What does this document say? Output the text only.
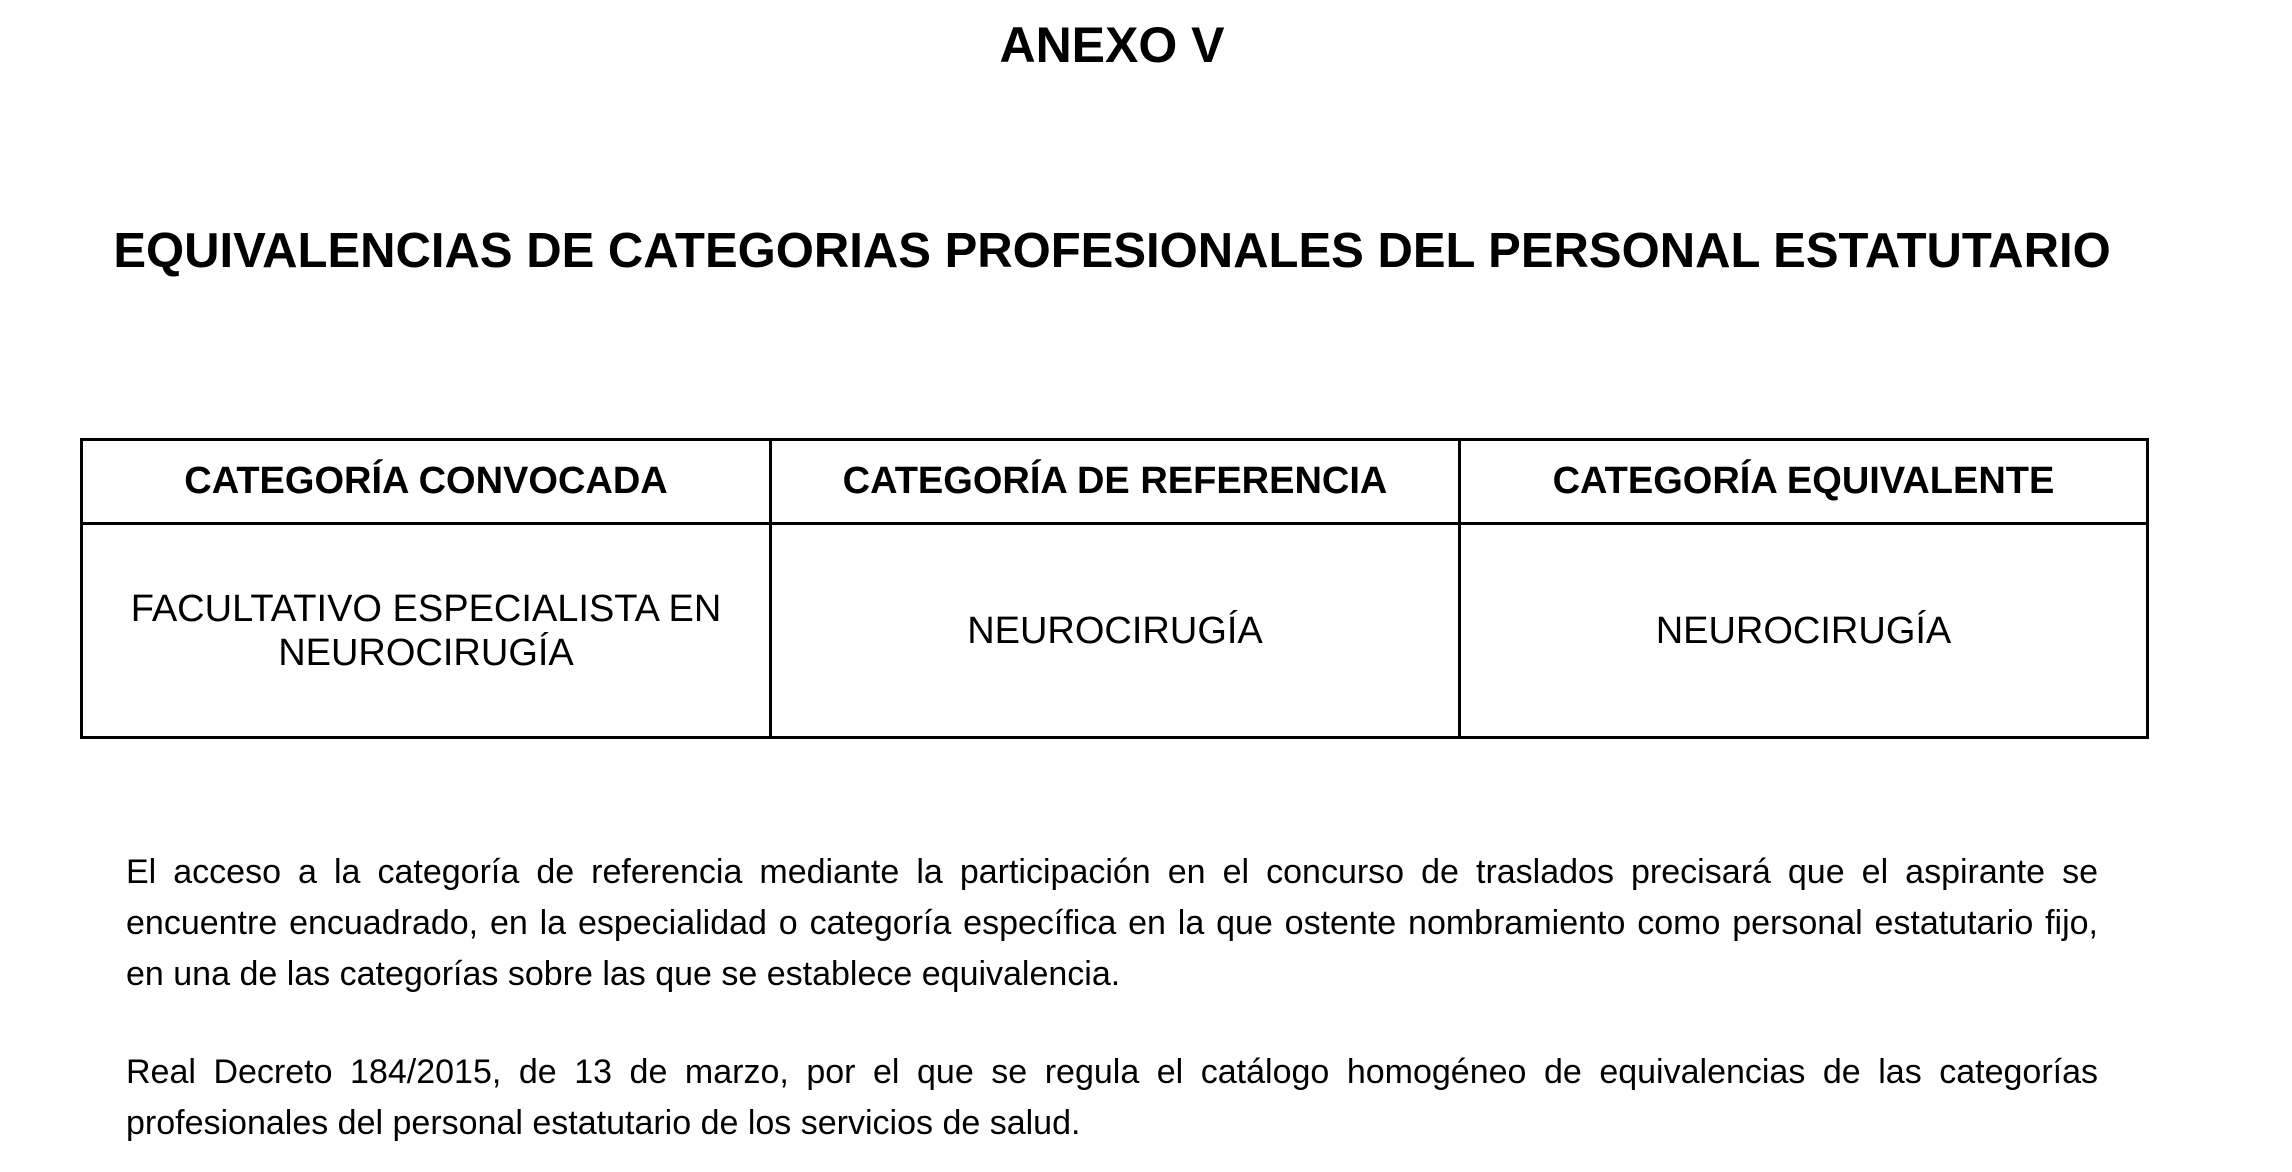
ANEXO V
EQUIVALENCIAS DE CATEGORIAS PROFESIONALES DEL PERSONAL ESTATUTARIO
CATEGORÍA CONVOCADA	CATEGORÍA DE REFERENCIA	CATEGORÍA EQUIVALENTE
FACULTATIVO ESPECIALISTA EN NEUROCIRUGÍA	NEUROCIRUGÍA	NEUROCIRUGÍA

El acceso a la categoría de referencia mediante la participación en el concurso de traslados precisará que el aspirante se encuentre encuadrado, en la especialidad o categoría específica en la que ostente nombramiento como personal estatutario fijo, en una de las categorías sobre las que se establece equivalencia.

Real Decreto 184/2015, de 13 de marzo, por el que se regula el catálogo homogéneo de equivalencias de las categorías profesionales del personal estatutario de los servicios de salud.
